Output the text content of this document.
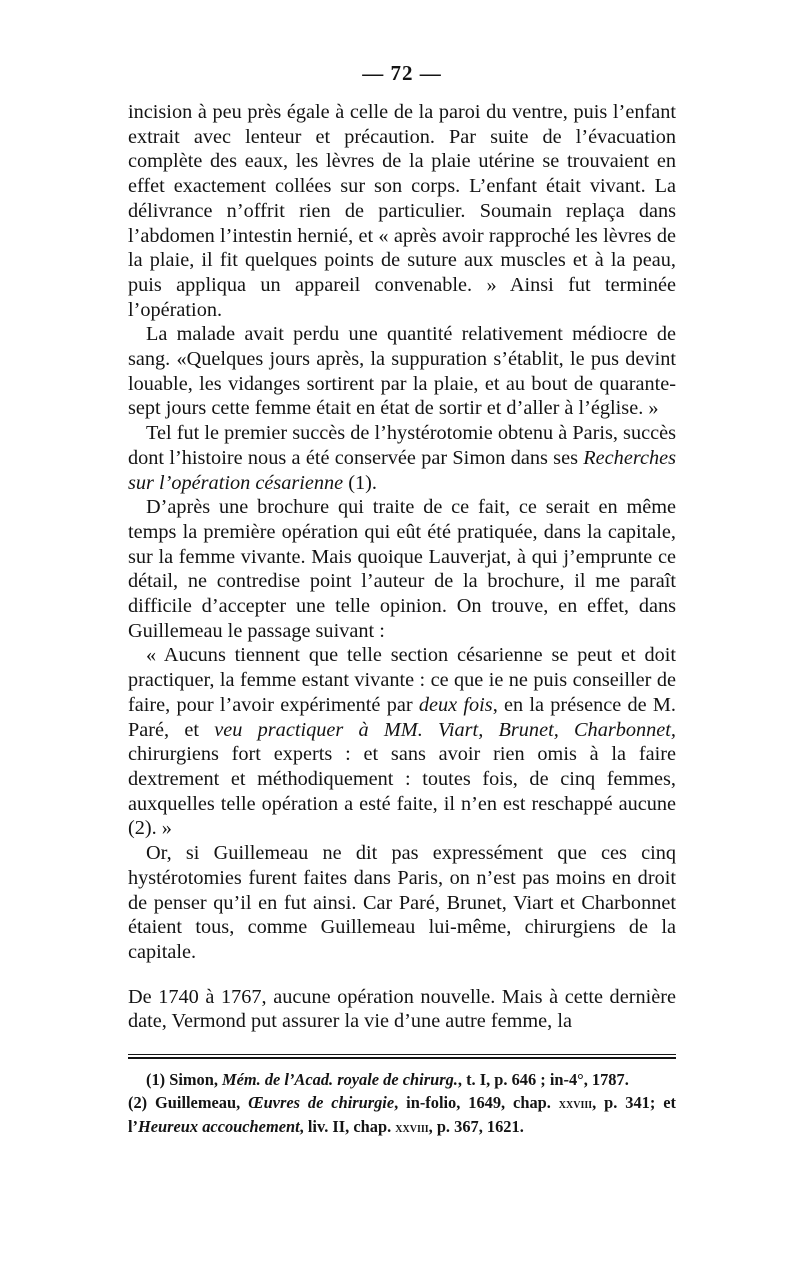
— 72 —

incision à peu près égale à celle de la paroi du ventre, puis l’enfant extrait avec lenteur et précaution. Par suite de l’évacuation complète des eaux, les lèvres de la plaie utérine se trouvaient en effet exactement collées sur son corps. L’enfant était vivant. La délivrance n’offrit rien de particulier. Soumain replaça dans l’abdomen l’intestin hernié, et « après avoir rapproché les lèvres de la plaie, il fit quelques points de suture aux muscles et à la peau, puis appliqua un appareil convenable. » Ainsi fut terminée l’opération.

La malade avait perdu une quantité relativement médiocre de sang. «Quelques jours après, la suppuration s’établit, le pus devint louable, les vidanges sortirent par la plaie, et au bout de quarante-sept jours cette femme était en état de sortir et d’aller à l’église. »

Tel fut le premier succès de l’hystérotomie obtenu à Paris, succès dont l’histoire nous a été conservée par Simon dans ses Recherches sur l’opération césarienne (1).

D’après une brochure qui traite de ce fait, ce serait en même temps la première opération qui eût été pratiquée, dans la capitale, sur la femme vivante. Mais quoique Lauverjat, à qui j’emprunte ce détail, ne contredise point l’auteur de la brochure, il me paraît difficile d’accepter une telle opinion. On trouve, en effet, dans Guillemeau le passage suivant :

« Aucuns tiennent que telle section césarienne se peut et doit practiquer, la femme estant vivante : ce que ie ne puis conseiller de faire, pour l’avoir expérimenté par deux fois, en la présence de M. Paré, et veu practiquer à MM. Viart, Brunet, Charbonnet, chirurgiens fort experts : et sans avoir rien omis à la faire dextrement et méthodiquement : toutes fois, de cinq femmes, auxquelles telle opération a esté faite, il n’en est reschappé aucune (2). »

Or, si Guillemeau ne dit pas expressément que ces cinq hystérotomies furent faites dans Paris, on n’est pas moins en droit de penser qu’il en fut ainsi. Car Paré, Brunet, Viart et Charbonnet étaient tous, comme Guillemeau lui-même, chirurgiens de la capitale.

De 1740 à 1767, aucune opération nouvelle. Mais à cette dernière date, Vermond put assurer la vie d’une autre femme, la

(1) Simon, Mém. de l’Acad. royale de chirurg., t. I, p. 646 ; in-4°, 1787.

(2) Guillemeau, Œuvres de chirurgie, in-folio, 1649, chap. xxviii, p. 341; et l’Heureux accouchement, liv. II, chap. xxviii, p. 367, 1621.
